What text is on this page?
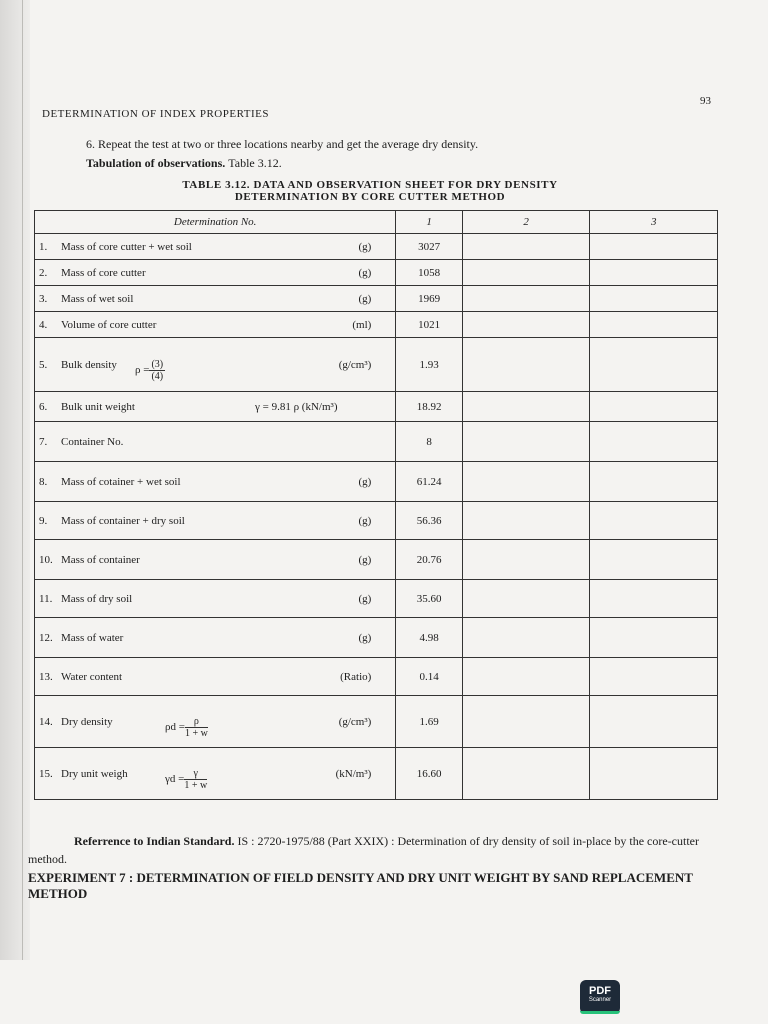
DETERMINATION OF INDEX PROPERTIES
93
6. Repeat the test at two or three locations nearby and get the average dry density.
Tabulation of observations. Table 3.12.
TABLE 3.12. DATA AND OBSERVATION SHEET FOR DRY DENSITY
DETERMINATION BY CORE CUTTER METHOD
Determination No.	1	2	3
1. Mass of core cutter + wet soil (g)	3027		
2. Mass of core cutter (g)	1058		
3. Mass of wet soil (g)	1969		
4. Volume of core cutter (ml)	1021		
5. Bulk density $\rho = \frac{(3)}{(4)} (g/cm^3)$	1.93		
6. Bulk unit weight γ = 9.81 ρ (kN/m³)	18.92		
7. Container No.	8		
8. Mass of cotainer + wet soil (g)	61.24		
9. Mass of container + dry soil (g)	56.36		
10. Mass of container (g)	20.76		
11. Mass of dry soil (g)	35.60		
12. Mass of water (g)	4.98		
13. Water content (Ratio)	0.14		
14. Dry density $\rho d = \frac{\rho}{1 + w} (g/cm^3)$	1.69		
15. Dry unit weigh $\gamma d = \frac{\gamma}{1 + w} (kN/m^3)$	16.60		
Referrence to Indian Standard. IS : 2720-1975/88 (Part XXIX) : Determination of dry density of soil in-place by the core-cutter method.
EXPERIMENT 7 : DETERMINATION OF FIELD DENSITY AND DRY UNIT WEIGHT BY SAND REPLACEMENT METHOD
PDF
Scanner
